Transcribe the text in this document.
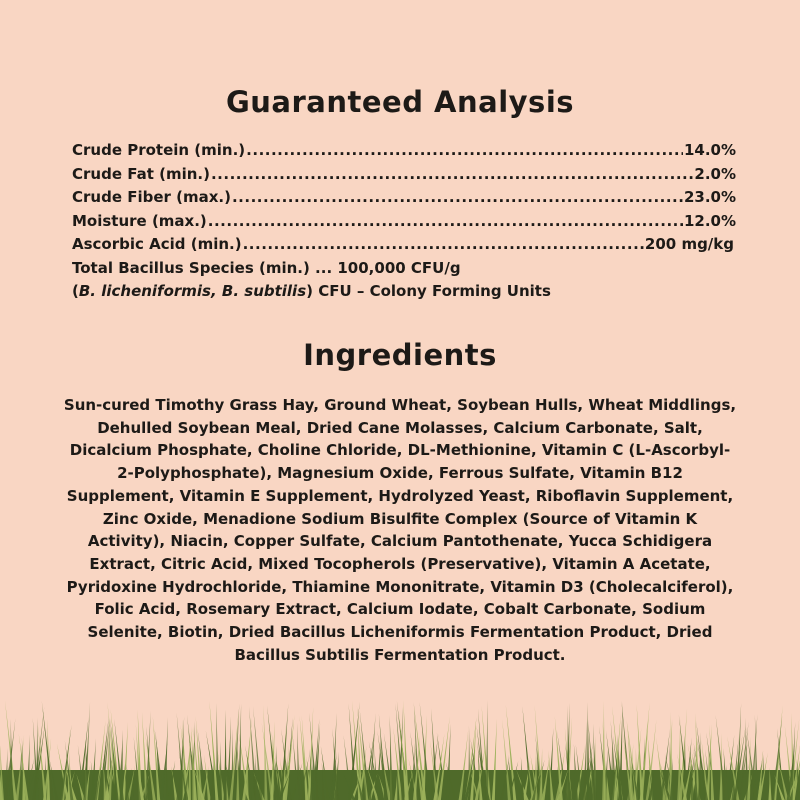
Guaranteed Analysis
Crude Protein (min.) .....	14.0%
Crude Fat (min.) .....	2.0%
Crude Fiber (max.) .....	23.0%
Moisture (max.) .....	12.0%
Ascorbic Acid (min.) .....	200 mg/kg
Total Bacillus Species (min.) ... 100,000 CFU/g
(B. licheniformis, B. subtilis) CFU – Colony Forming Units
Ingredients

Sun-cured Timothy Grass Hay, Ground Wheat, Soybean Hulls, Wheat Middlings, Dehulled Soybean Meal, Dried Cane Molasses, Calcium Carbonate, Salt, Dicalcium Phosphate, Choline Chloride, DL-Methionine, Vitamin C (L-Ascorbyl-2-Polyphosphate), Magnesium Oxide, Ferrous Sulfate, Vitamin B12 Supplement, Vitamin E Supplement, Hydrolyzed Yeast, Riboflavin Supplement, Zinc Oxide, Menadione Sodium Bisulfite Complex (Source of Vitamin K Activity), Niacin, Copper Sulfate, Calcium Pantothenate, Yucca Schidigera Extract, Citric Acid, Mixed Tocopherols (Preservative), Vitamin A Acetate, Pyridoxine Hydrochloride, Thiamine Mononitrate, Vitamin D3 (Cholecalciferol), Folic Acid, Rosemary Extract, Calcium Iodate, Cobalt Carbonate, Sodium Selenite, Biotin, Dried Bacillus Licheniformis Fermentation Product, Dried Bacillus Subtilis Fermentation Product.
